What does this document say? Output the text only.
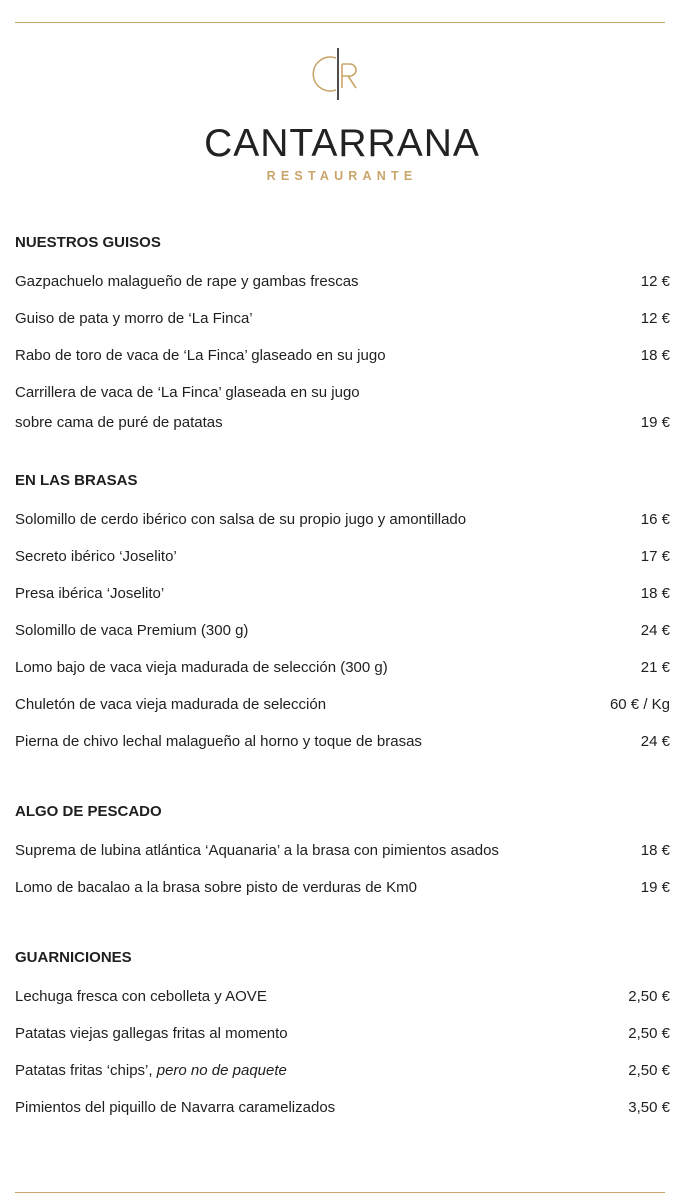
CANTARRANA
RESTAURANTE
NUESTROS GUISOS
Gazpachuelo malagueño de rape y gambas frescas	12 €
Guiso de pata y morro de ‘La Finca’	12 €
Rabo de toro de vaca de ‘La Finca’ glaseado en su jugo	18 €
Carrillera de vaca de ‘La Finca’ glaseada en su jugo
sobre cama de puré de patatas	19 €
EN LAS BRASAS
Solomillo de cerdo ibérico con salsa de su propio jugo y amontillado	16 €
Secreto ibérico ‘Joselito’	17 €
Presa ibérica ‘Joselito’	18 €
Solomillo de vaca Premium (300 g)	24 €
Lomo bajo de vaca vieja madurada de selección (300 g)	21 €
Chuletón de vaca vieja madurada de selección	60 € / Kg
Pierna de chivo lechal malagueño al horno y toque de brasas	24 €
ALGO DE PESCADO
Suprema de lubina atlántica ‘Aquanaria’ a la brasa con pimientos asados	18 €
Lomo de bacalao a la brasa sobre pisto de verduras de Km0	19 €
GUARNICIONES
Lechuga fresca con cebolleta y AOVE	2,50 €
Patatas viejas gallegas fritas al momento	2,50 €
Patatas fritas ‘chips’, pero no de paquete	2,50 €
Pimientos del piquillo de Navarra caramelizados	3,50 €
